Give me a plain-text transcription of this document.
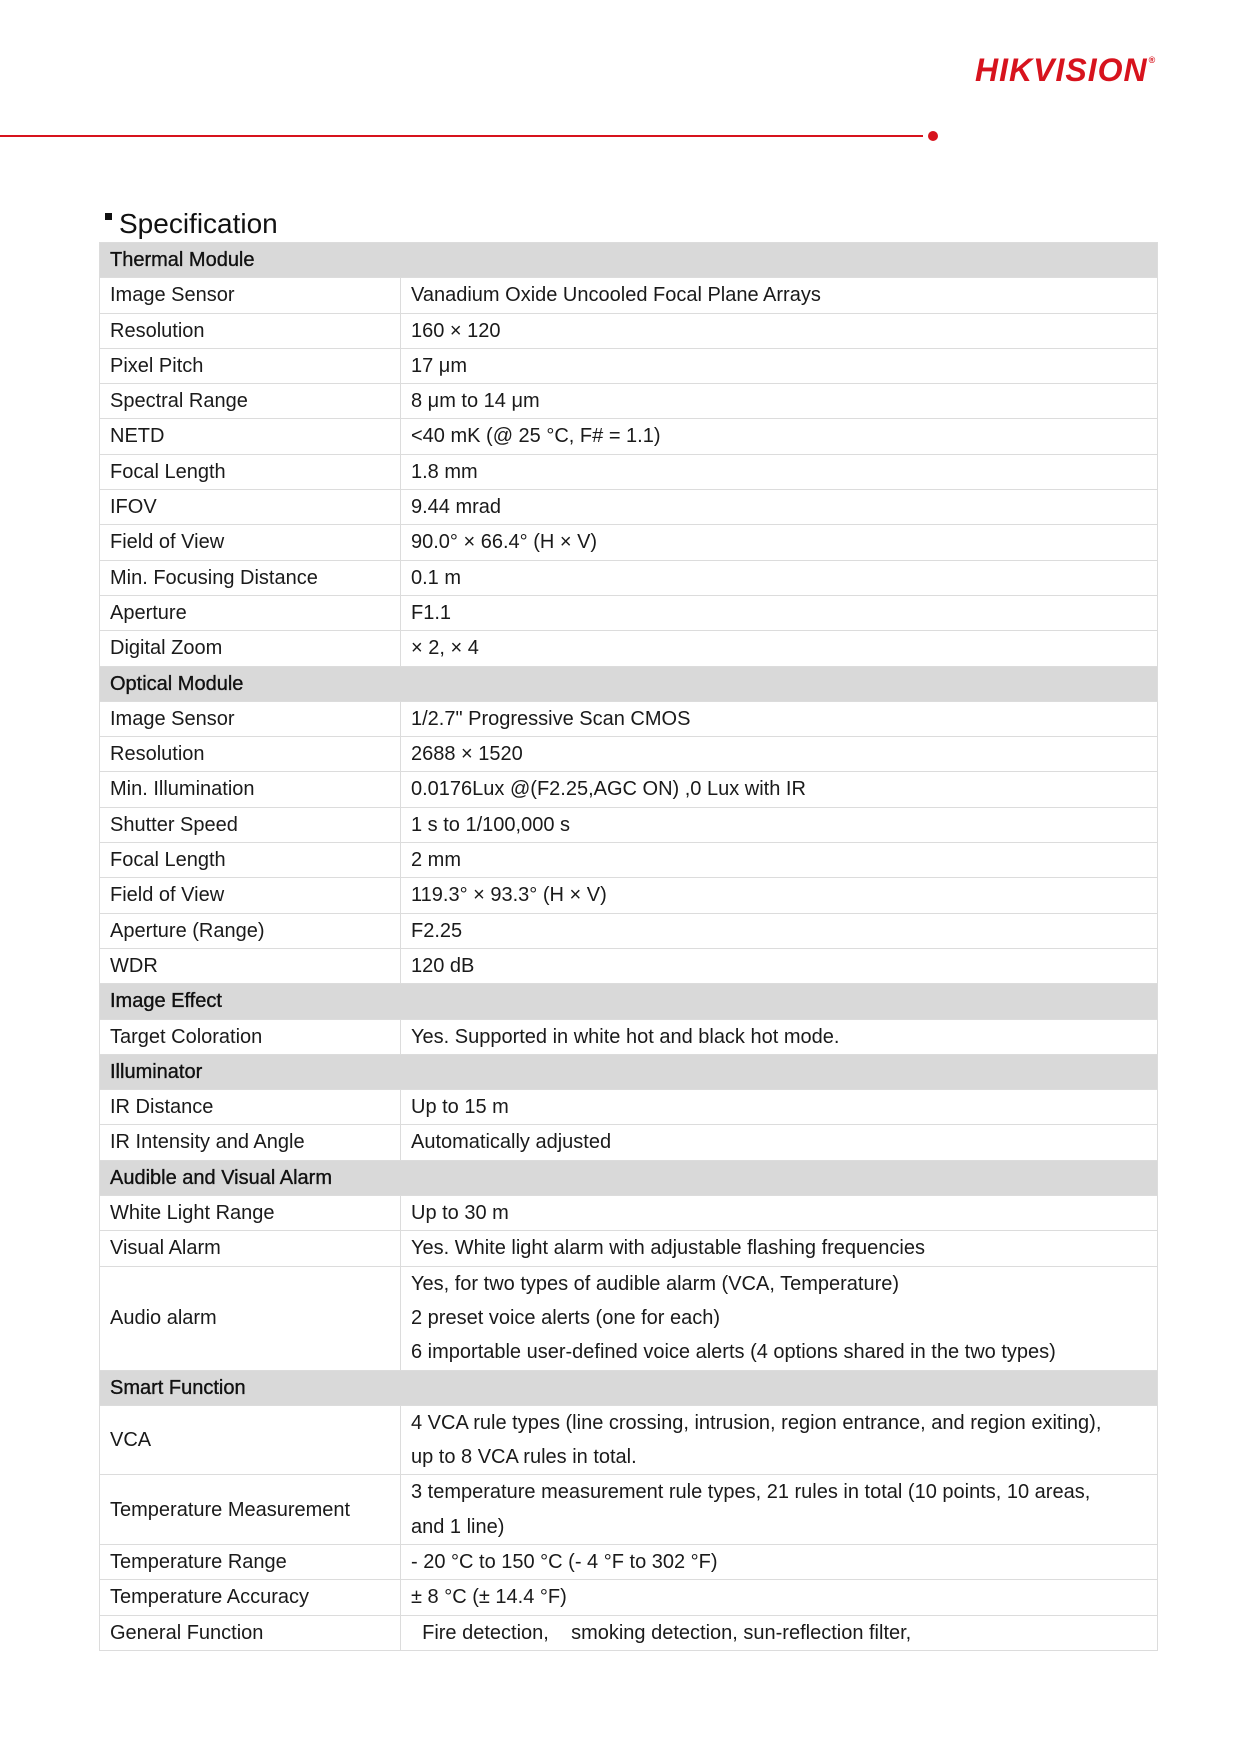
HIKVISION®
Specification
Thermal Module	
Image Sensor	Vanadium Oxide Uncooled Focal Plane Arrays

Resolution	160 × 120

Pixel Pitch	17 μm

Spectral Range	8 μm to 14 μm

NETD	<40 mK (@ 25 °C, F# = 1.1)

Focal Length	1.8 mm

IFOV	9.44 mrad

Field of View	90.0° × 66.4° (H × V)

Min. Focusing Distance	0.1 m

Aperture	F1.1

Digital Zoom	× 2, × 4

Optical Module	
Image Sensor	1/2.7" Progressive Scan CMOS

Resolution	2688 × 1520

Min. Illumination	0.0176Lux @(F2.25,AGC ON) ,0 Lux with IR

Shutter Speed	1 s to 1/100,000 s

Focal Length	2 mm

Field of View	119.3° × 93.3° (H × V)

Aperture (Range)	F2.25

WDR	120 dB

Image Effect	
Target Coloration	Yes. Supported in white hot and black hot mode.

Illuminator	
IR Distance	Up to 15 m

IR Intensity and Angle	Automatically adjusted

Audible and Visual Alarm	
White Light Range	Up to 30 m

Visual Alarm	Yes. White light alarm with adjustable flashing frequencies

Audio alarm	Yes, for two types of audible alarm (VCA, Temperature)
2 preset voice alerts (one for each)
6 importable user-defined voice alerts (4 options shared in the two types)

Smart Function	
VCA	4 VCA rule types (line crossing, intrusion, region entrance, and region exiting),
up to 8 VCA rules in total.

Temperature Measurement	3 temperature measurement rule types, 21 rules in total (10 points, 10 areas,
and 1 line)

Temperature Range	- 20 °C to 150 °C (- 4 °F to 302 °F)

Temperature Accuracy	± 8 °C (± 14.4 °F)

General Function	Fire detection,    smoking detection, sun-reflection filter,
